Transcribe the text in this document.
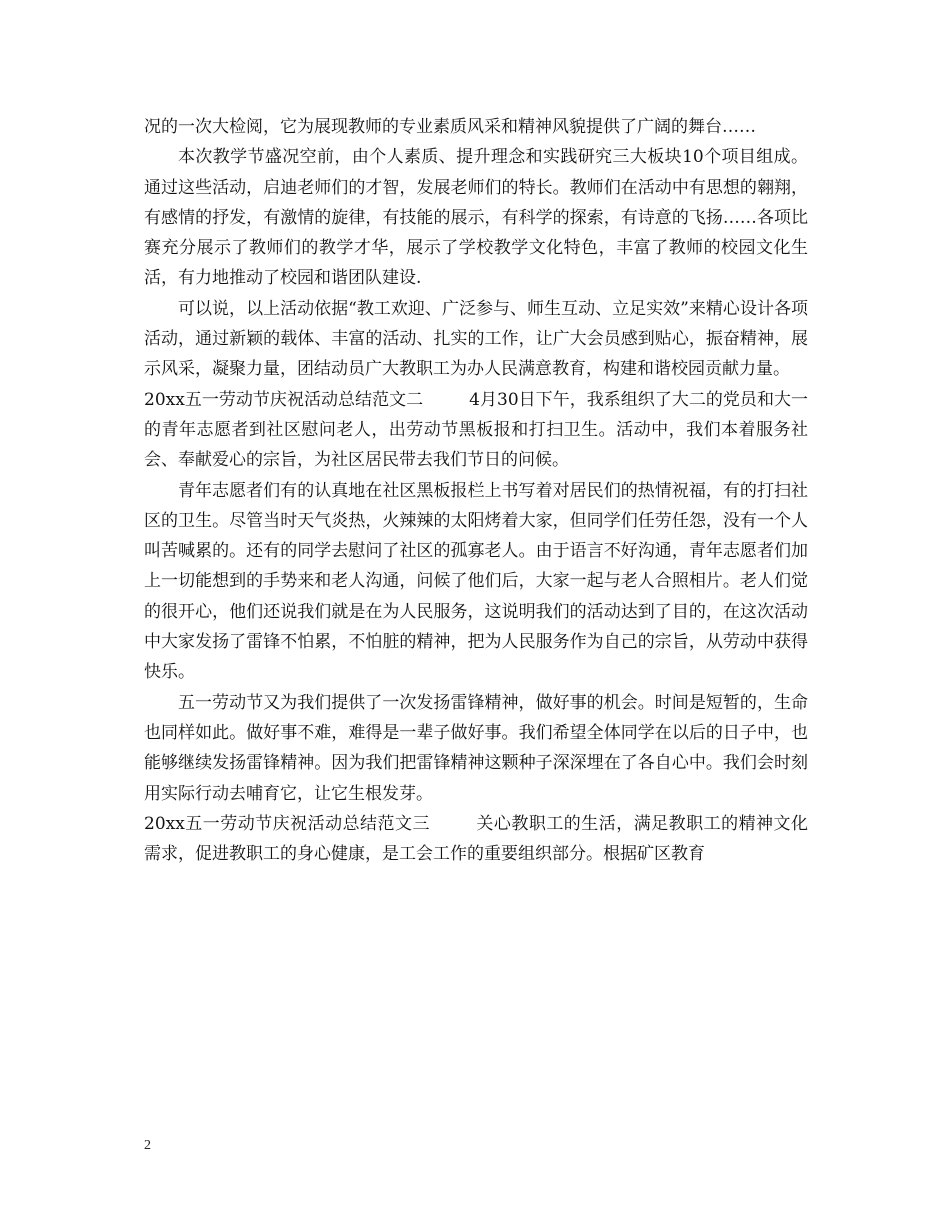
况的一次大检阅，它为展现教师的专业素质风采和精神风貌提供了广阔的舞台……

本次教学节盛况空前，由个人素质、提升理念和实践研究三大板块10个项目组成。通过这些活动，启迪老师们的才智，发展老师们的特长。教师们在活动中有思想的翱翔，有感情的抒发，有激情的旋律，有技能的展示，有科学的探索，有诗意的飞扬……各项比赛充分展示了教师们的教学才华，展示了学校教学文化特色，丰富了教师的校园文化生活，有力地推动了校园和谐团队建设.

可以说，以上活动依据“教工欢迎、广泛参与、师生互动、立足实效”来精心设计各项活动，通过新颖的载体、丰富的活动、扎实的工作，让广大会员感到贴心，振奋精神，展示风采，凝聚力量，团结动员广大教职工为办人民满意教育，构建和谐校园贡献力量。

20xx五一劳动节庆祝活动总结范文二	4月30日下午，我系组织了大二的党员和大一的青年志愿者到社区慰问老人，出劳动节黑板报和打扫卫生。活动中，我们本着服务社会、奉献爱心的宗旨，为社区居民带去我们节日的问候。

青年志愿者们有的认真地在社区黑板报栏上书写着对居民们的热情祝福，有的打扫社区的卫生。尽管当时天气炎热，火辣辣的太阳烤着大家，但同学们任劳任怨，没有一个人叫苦喊累的。还有的同学去慰问了社区的孤寡老人。由于语言不好沟通，青年志愿者们加上一切能想到的手势来和老人沟通，问候了他们后，大家一起与老人合照相片。老人们觉的很开心，他们还说我们就是在为人民服务，这说明我们的活动达到了目的，在这次活动中大家发扬了雷锋不怕累，不怕脏的精神，把为人民服务作为自己的宗旨，从劳动中获得快乐。

五一劳动节又为我们提供了一次发扬雷锋精神，做好事的机会。时间是短暂的，生命也同样如此。做好事不难，难得是一辈子做好事。我们希望全体同学在以后的日子中，也能够继续发扬雷锋精神。因为我们把雷锋精神这颗种子深深埋在了各自心中。我们会时刻用实际行动去哺育它，让它生根发芽。

20xx五一劳动节庆祝活动总结范文三	关心教职工的生活，满足教职工的精神文化需求，促进教职工的身心健康，是工会工作的重要组织部分。根据矿区教育

2
